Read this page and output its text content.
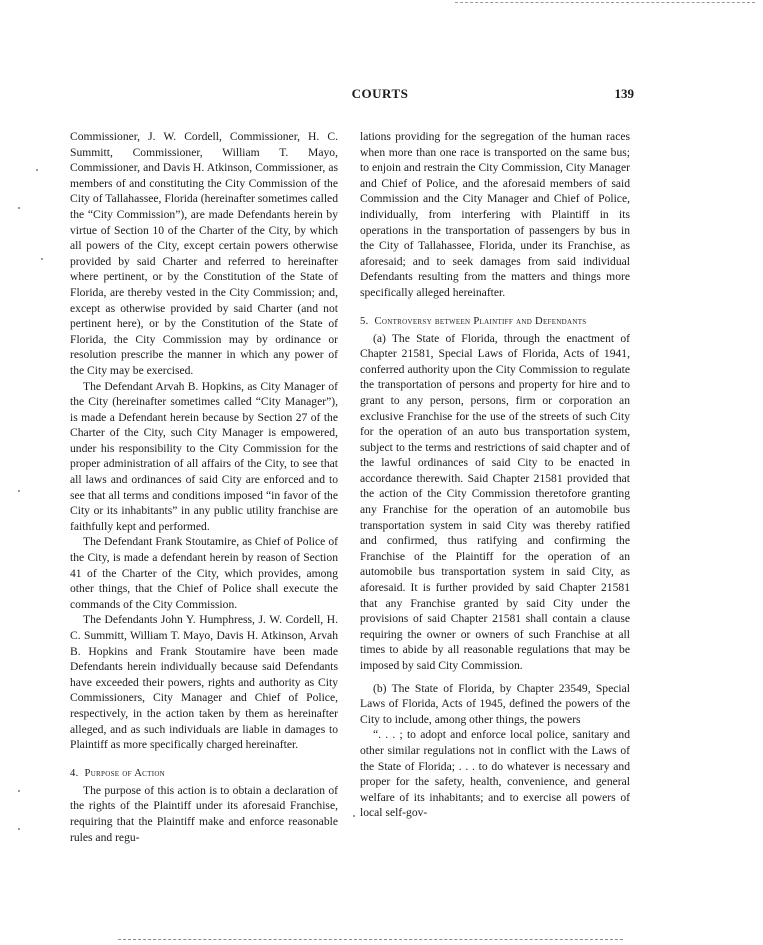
COURTS	139

Commissioner, J. W. Cordell, Commissioner, H. C. Summitt, Commissioner, William T. Mayo, Commissioner, and Davis H. Atkinson, Commissioner, as members of and constituting the City Commission of the City of Tallahassee, Florida (hereinafter sometimes called the “City Commission”), are made Defendants herein by virtue of Section 10 of the Charter of the City, by which all powers of the City, except certain powers otherwise provided by said Charter and referred to hereinafter where pertinent, or by the Constitution of the State of Florida, are thereby vested in the City Commission; and, except as otherwise provided by said Charter (and not pertinent here), or by the Constitution of the State of Florida, the City Commission may by ordinance or resolution prescribe the manner in which any power of the City may be exercised.

The Defendant Arvah B. Hopkins, as City Manager of the City (hereinafter sometimes called “City Manager”), is made a Defendant herein because by Section 27 of the Charter of the City, such City Manager is empowered, under his responsibility to the City Commission for the proper administration of all affairs of the City, to see that all laws and ordinances of said City are enforced and to see that all terms and conditions imposed “in favor of the City or its inhabitants” in any public utility franchise are faithfully kept and performed.

The Defendant Frank Stoutamire, as Chief of Police of the City, is made a defendant herein by reason of Section 41 of the Charter of the City, which provides, among other things, that the Chief of Police shall execute the commands of the City Commission.

The Defendants John Y. Humphress, J. W. Cordell, H. C. Summitt, William T. Mayo, Davis H. Atkinson, Arvah B. Hopkins and Frank Stoutamire have been made Defendants herein individually because said Defendants have exceeded their powers, rights and authority as City Commissioners, City Manager and Chief of Police, respectively, in the action taken by them as hereinafter alleged, and as such individuals are liable in damages to Plaintiff as more specifically charged hereinafter.

4. Purpose of Action

The purpose of this action is to obtain a declaration of the rights of the Plaintiff under its aforesaid Franchise, requiring that the Plaintiff make and enforce reasonable rules and regu-

lations providing for the segregation of the human races when more than one race is transported on the same bus; to enjoin and restrain the City Commission, City Manager and Chief of Police, and the aforesaid members of said Commission and the City Manager and Chief of Police, individually, from interfering with Plaintiff in its operations in the transportation of passengers by bus in the City of Tallahassee, Florida, under its Franchise, as aforesaid; and to seek damages from said individual Defendants resulting from the matters and things more specifically alleged hereinafter.

5. Controversy between Plaintiff and Defendants

(a) The State of Florida, through the enactment of Chapter 21581, Special Laws of Florida, Acts of 1941, conferred authority upon the City Commission to regulate the transportation of persons and property for hire and to grant to any person, persons, firm or corporation an exclusive Franchise for the use of the streets of such City for the operation of an auto bus transportation system, subject to the terms and restrictions of said chapter and of the lawful ordinances of said City to be enacted in accordance therewith. Said Chapter 21581 provided that the action of the City Commission theretofore granting any Franchise for the operation of an automobile bus transportation system in said City was thereby ratified and confirmed, thus ratifying and confirming the Franchise of the Plaintiff for the operation of an automobile bus transportation system in said City, as aforesaid. It is further provided by said Chapter 21581 that any Franchise granted by said City under the provisions of said Chapter 21581 shall contain a clause requiring the owner or owners of such Franchise at all times to abide by all reasonable regulations that may be imposed by said City Commission.

(b) The State of Florida, by Chapter 23549, Special Laws of Florida, Acts of 1945, defined the powers of the City to include, among other things, the powers

“. . . ; to adopt and enforce local police, sanitary and other similar regulations not in conflict with the Laws of the State of Florida; . . . to do whatever is necessary and proper for the safety, health, convenience, and general welfare of its inhabitants; and to exercise all powers of local self-gov-
